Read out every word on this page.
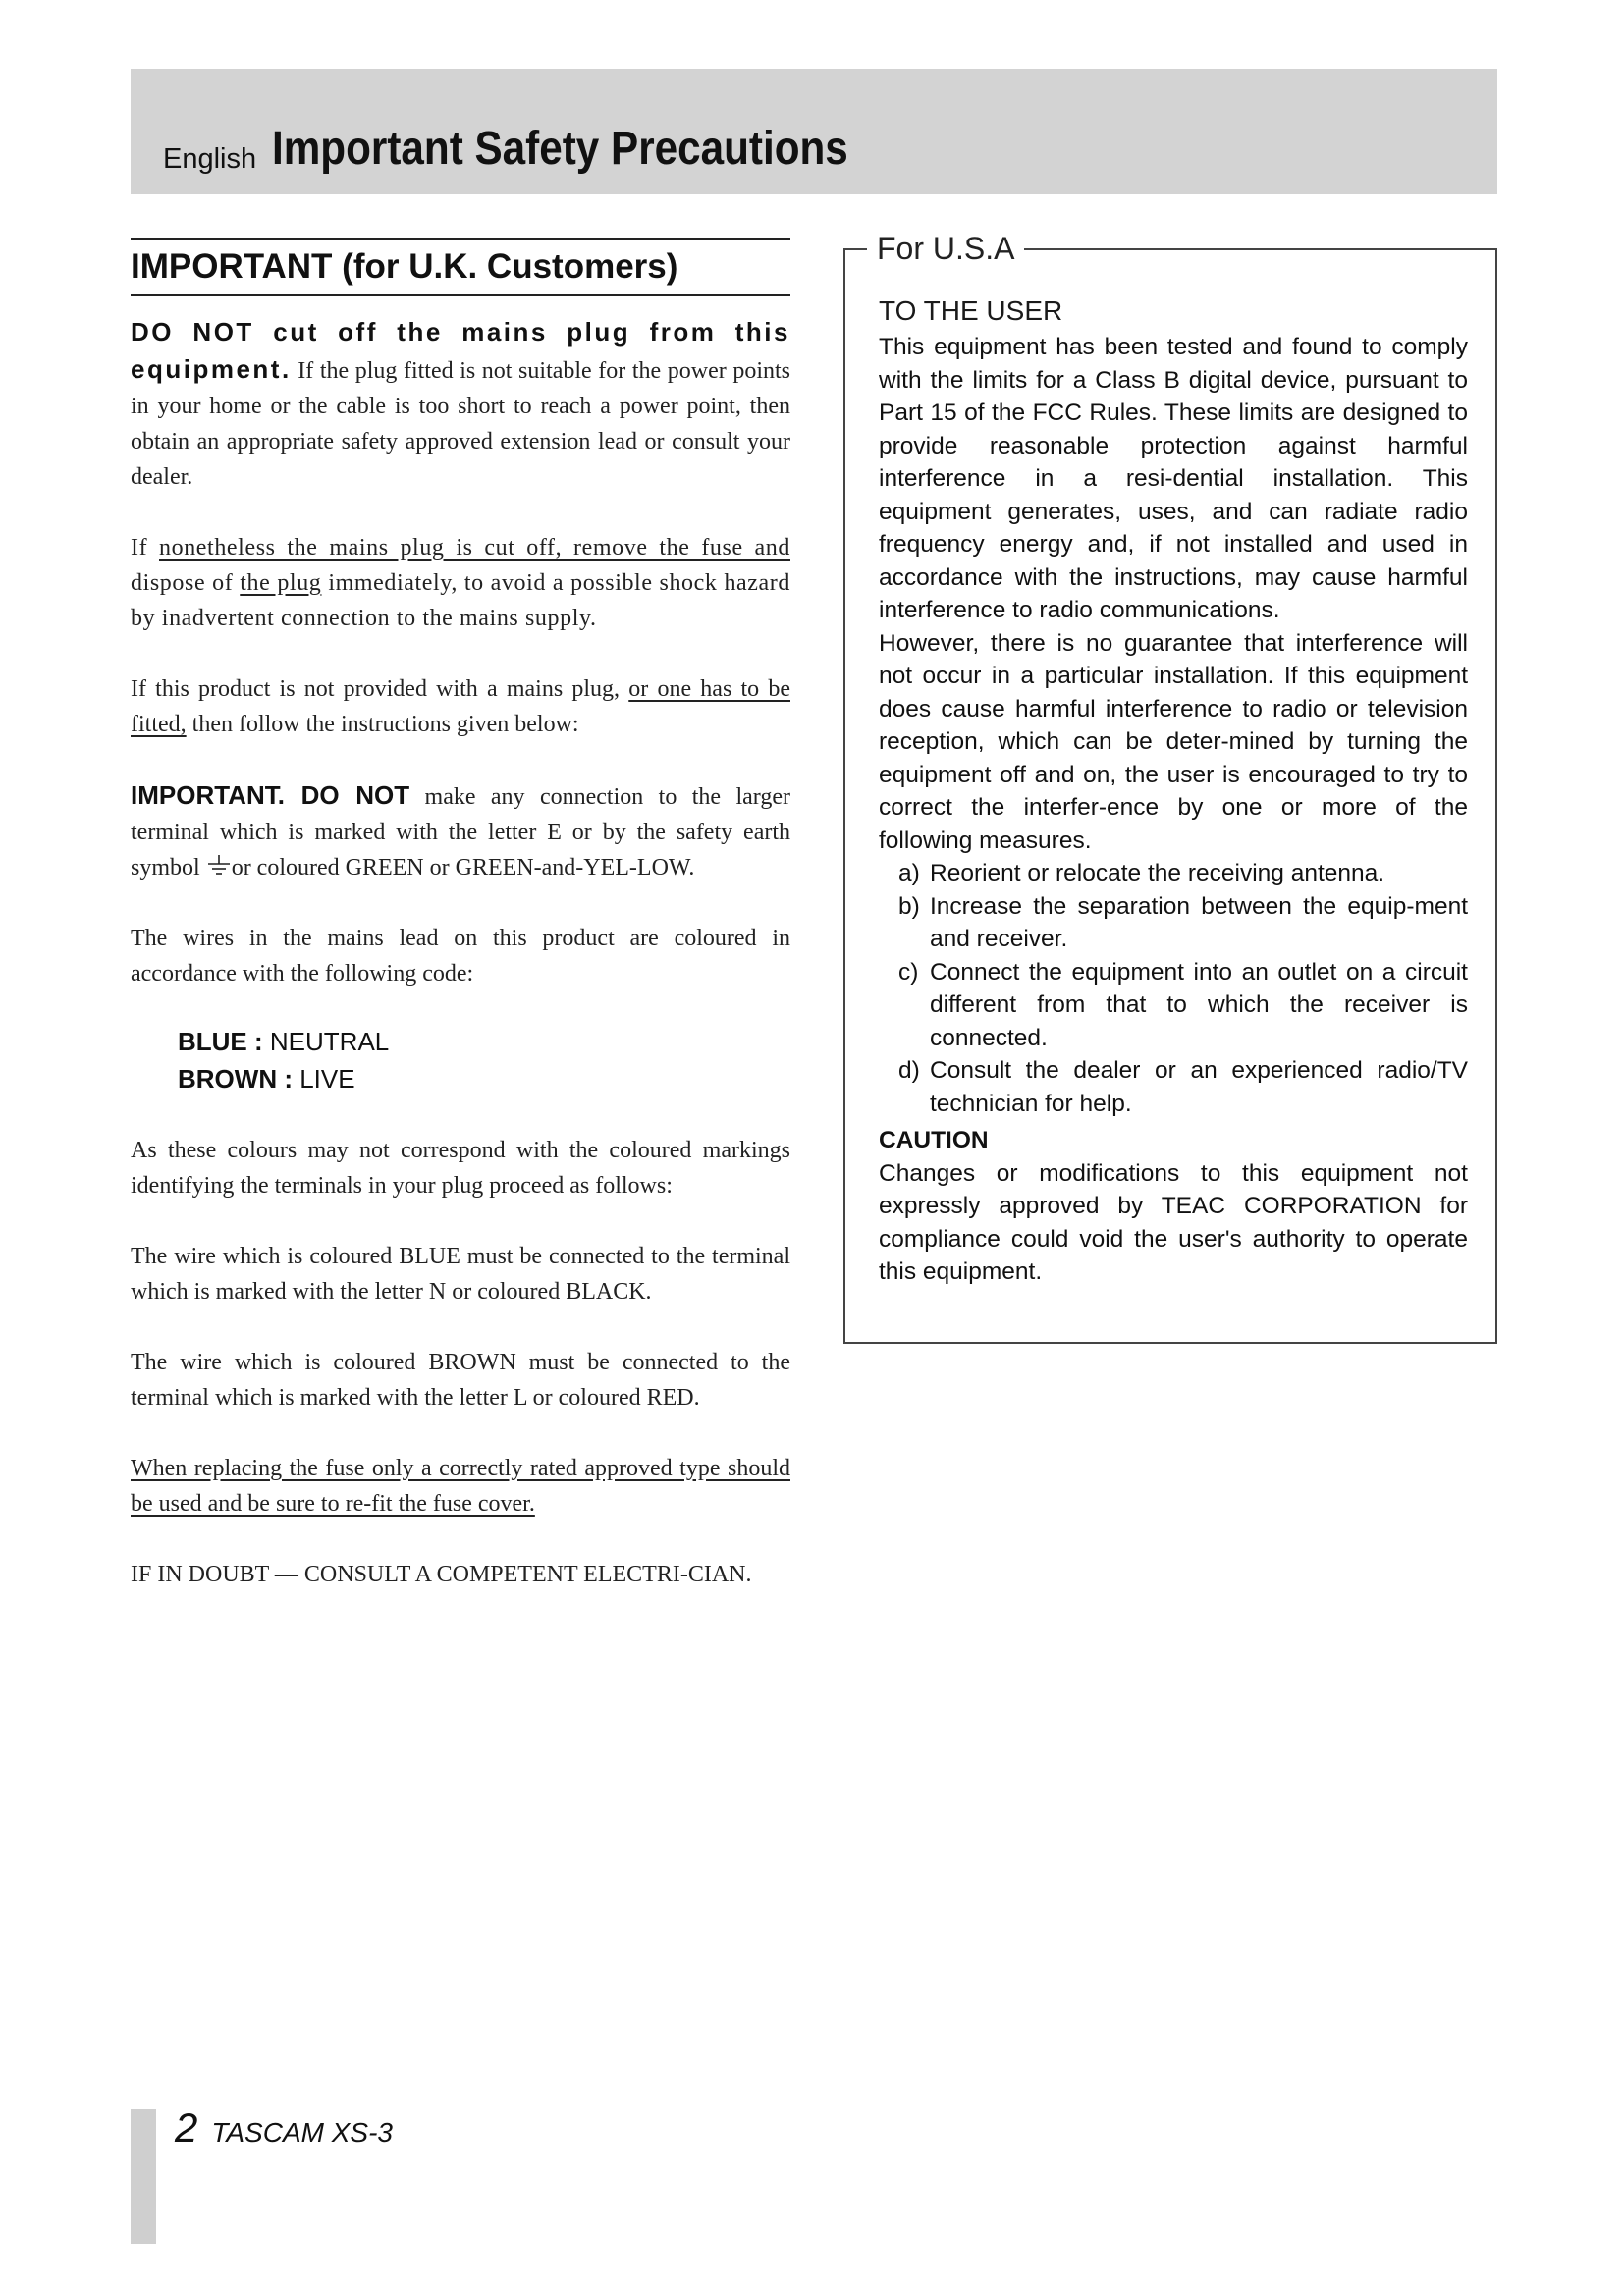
English Important Safety Precautions
IMPORTANT (for U.K. Customers)

DO NOT cut off the mains plug from this equipment. If the plug fitted is not suitable for the power points in your home or the cable is too short to reach a power point, then obtain an appropriate safety approved extension lead or consult your dealer.

If nonetheless the mains plug is cut off, remove the fuse and dispose of the plug immediately, to avoid a possible shock hazard by inadvertent connection to the mains supply.

If this product is not provided with a mains plug, or one has to be fitted, then follow the instructions given below:

IMPORTANT. DO NOT make any connection to the larger terminal which is marked with the letter E or by the safety earth symbol or coloured GREEN or GREEN-and-YEL-LOW.

The wires in the mains lead on this product are coloured in accordance with the following code:

BLUE : NEUTRAL
BROWN : LIVE

As these colours may not correspond with the coloured markings identifying the terminals in your plug proceed as follows:

The wire which is coloured BLUE must be connected to the terminal which is marked with the letter N or coloured BLACK.

The wire which is coloured BROWN must be connected to the terminal which is marked with the letter L or coloured RED.

When replacing the fuse only a correctly rated approved type should be used and be sure to re-fit the fuse cover.

IF IN DOUBT — CONSULT A COMPETENT ELECTRI-CIAN.

For U.S.A
TO THE USER

This equipment has been tested and found to comply with the limits for a Class B digital device, pursuant to Part 15 of the FCC Rules. These limits are designed to provide reasonable protection against harmful interference in a resi-dential installation. This equipment generates, uses, and can radiate radio frequency energy and, if not installed and used in accordance with the instructions, may cause harmful interference to radio communications.

However, there is no guarantee that interference will not occur in a particular installation. If this equipment does cause harmful interference to radio or television reception, which can be deter-mined by turning the equipment off and on, the user is encouraged to try to correct the interfer-ence by one or more of the following measures.

a) Reorient or relocate the receiving antenna.
b) Increase the separation between the equip-ment and receiver.
c) Connect the equipment into an outlet on a circuit different from that to which the receiver is connected.
d) Consult the dealer or an experienced radio/TV technician for help.
CAUTION

Changes or modifications to this equipment not expressly approved by TEAC CORPORATION for compliance could void the user's authority to operate this equipment.

2 TASCAM XS-3
